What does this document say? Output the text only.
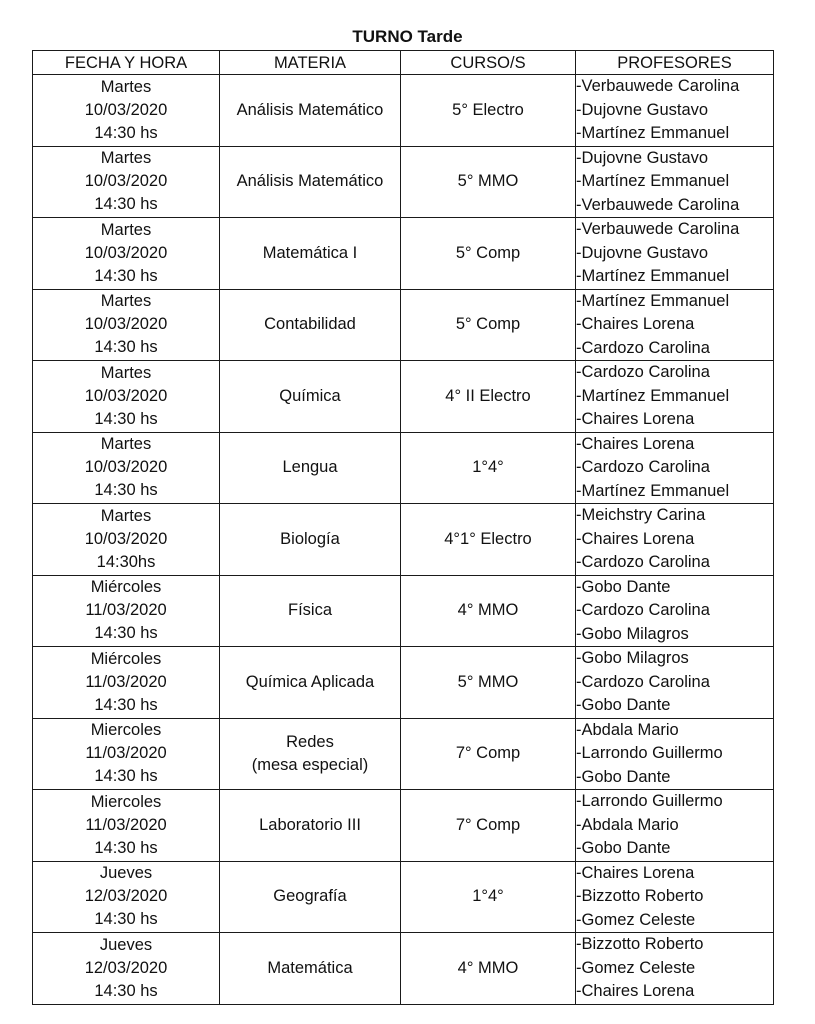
TURNO Tarde
FECHA Y HORA	MATERIA	CURSO/S	PROFESORES

Martes
10/03/2020
14:30 hs	Análisis Matemático	5° Electro	-Verbauwede Carolina
-Dujovne Gustavo
-Martínez Emmanuel

Martes
10/03/2020
14:30 hs	Análisis Matemático	5° MMO	-Dujovne Gustavo
-Martínez Emmanuel
-Verbauwede Carolina

Martes
10/03/2020
14:30 hs	Matemática I	5° Comp	-Verbauwede Carolina
-Dujovne Gustavo
-Martínez Emmanuel

Martes
10/03/2020
14:30 hs	Contabilidad	5° Comp	-Martínez Emmanuel
-Chaires Lorena
-Cardozo Carolina

Martes
10/03/2020
14:30 hs	Química	4° II Electro	-Cardozo Carolina
-Martínez Emmanuel
-Chaires Lorena

Martes
10/03/2020
14:30 hs	Lengua	1°4°	-Chaires Lorena
-Cardozo Carolina
-Martínez Emmanuel

Martes
10/03/2020
14:30hs	Biología	4°1° Electro	-Meichstry Carina
-Chaires Lorena
-Cardozo Carolina

Miércoles
11/03/2020
14:30 hs	Física	4° MMO	-Gobo Dante
-Cardozo Carolina
-Gobo Milagros

Miércoles
11/03/2020
14:30 hs	Química Aplicada	5° MMO	-Gobo Milagros
-Cardozo Carolina
-Gobo Dante

Miercoles
11/03/2020
14:30 hs	Redes
(mesa especial)	7° Comp	-Abdala Mario
-Larrondo Guillermo
-Gobo Dante

Miercoles
11/03/2020
14:30 hs	Laboratorio III	7° Comp	-Larrondo Guillermo
-Abdala Mario
-Gobo Dante

Jueves
12/03/2020
14:30 hs	Geografía	1°4°	-Chaires Lorena
-Bizzotto Roberto
-Gomez Celeste

Jueves
12/03/2020
14:30 hs	Matemática	4° MMO	-Bizzotto Roberto
-Gomez Celeste
-Chaires Lorena
